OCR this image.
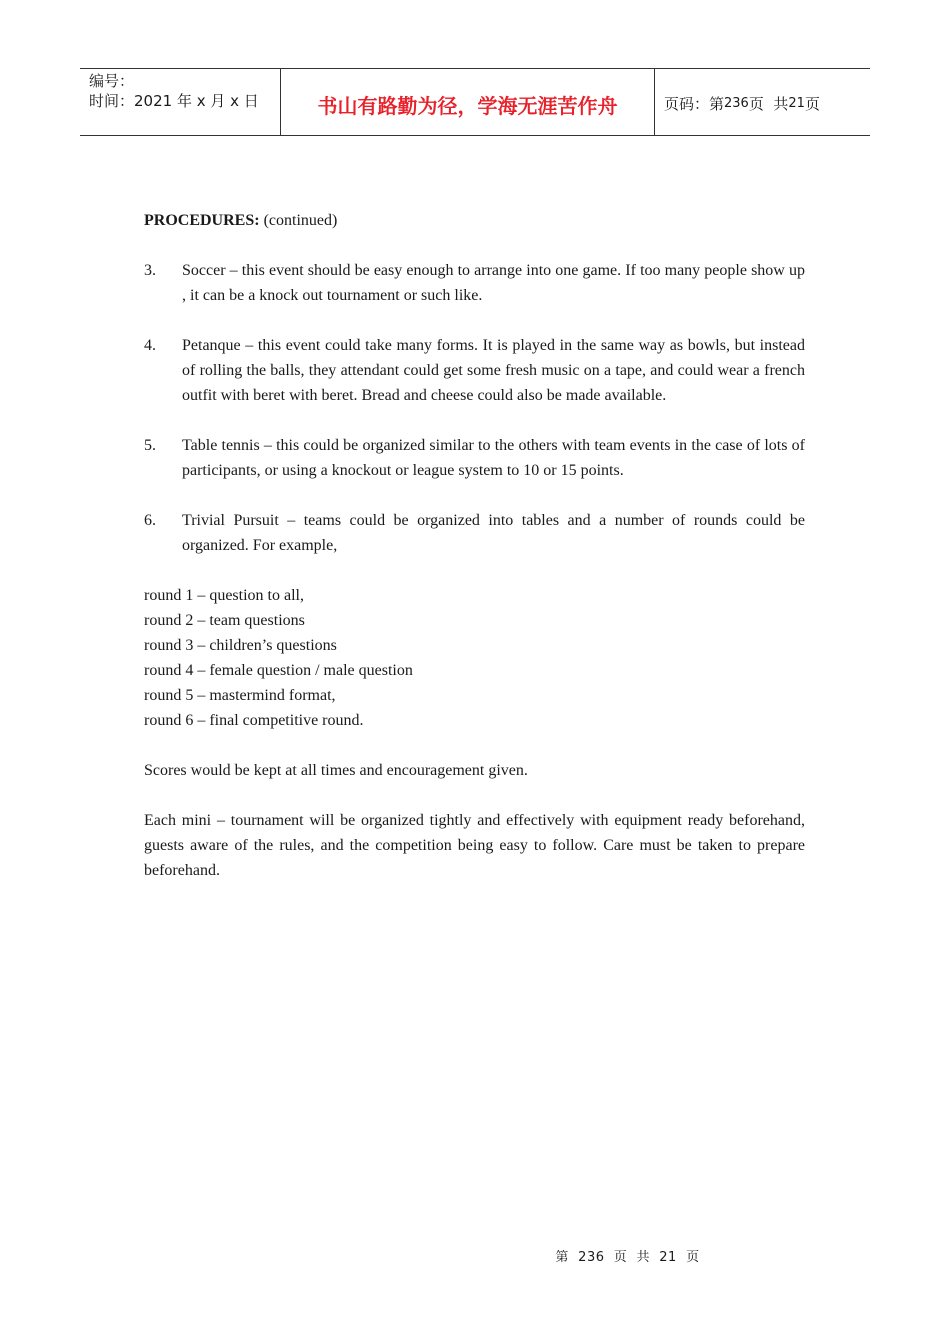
编号：
时间：2021 年 x 月 x 日	书山有路勤为径，学海无涯苦作舟	页码：第 236 页  共 21 页

PROCEDURES: (continued)

3.	Soccer – this event should be easy enough to arrange into one game. If too many people show up , it can be a knock out tournament or such like.
4.	Petanque – this event could take many forms. It is played in the same way as bowls, but instead of rolling the balls, they attendant could get some fresh music on a tape, and could wear a french outfit with beret with beret. Bread and cheese could also be made available.
5.	Table tennis – this could be organized similar to the others with team events in the case of lots of participants, or using a knockout or league system to 10 or 15 points.
6.	Trivial Pursuit – teams could be organized into tables and a number of rounds could be organized. For example,
round 1 – question to all,
round 2 – team questions
round 3 – children’s questions
round 4 – female question / male question
round 5 – mastermind format,
round 6 – final competitive round.

Scores would be kept at all times and encouragement given.

Each mini – tournament will be organized tightly and effectively with equipment ready beforehand, guests aware of the rules, and the competition being easy to follow. Care must be taken to prepare beforehand.

第  236  页  共  21  页
